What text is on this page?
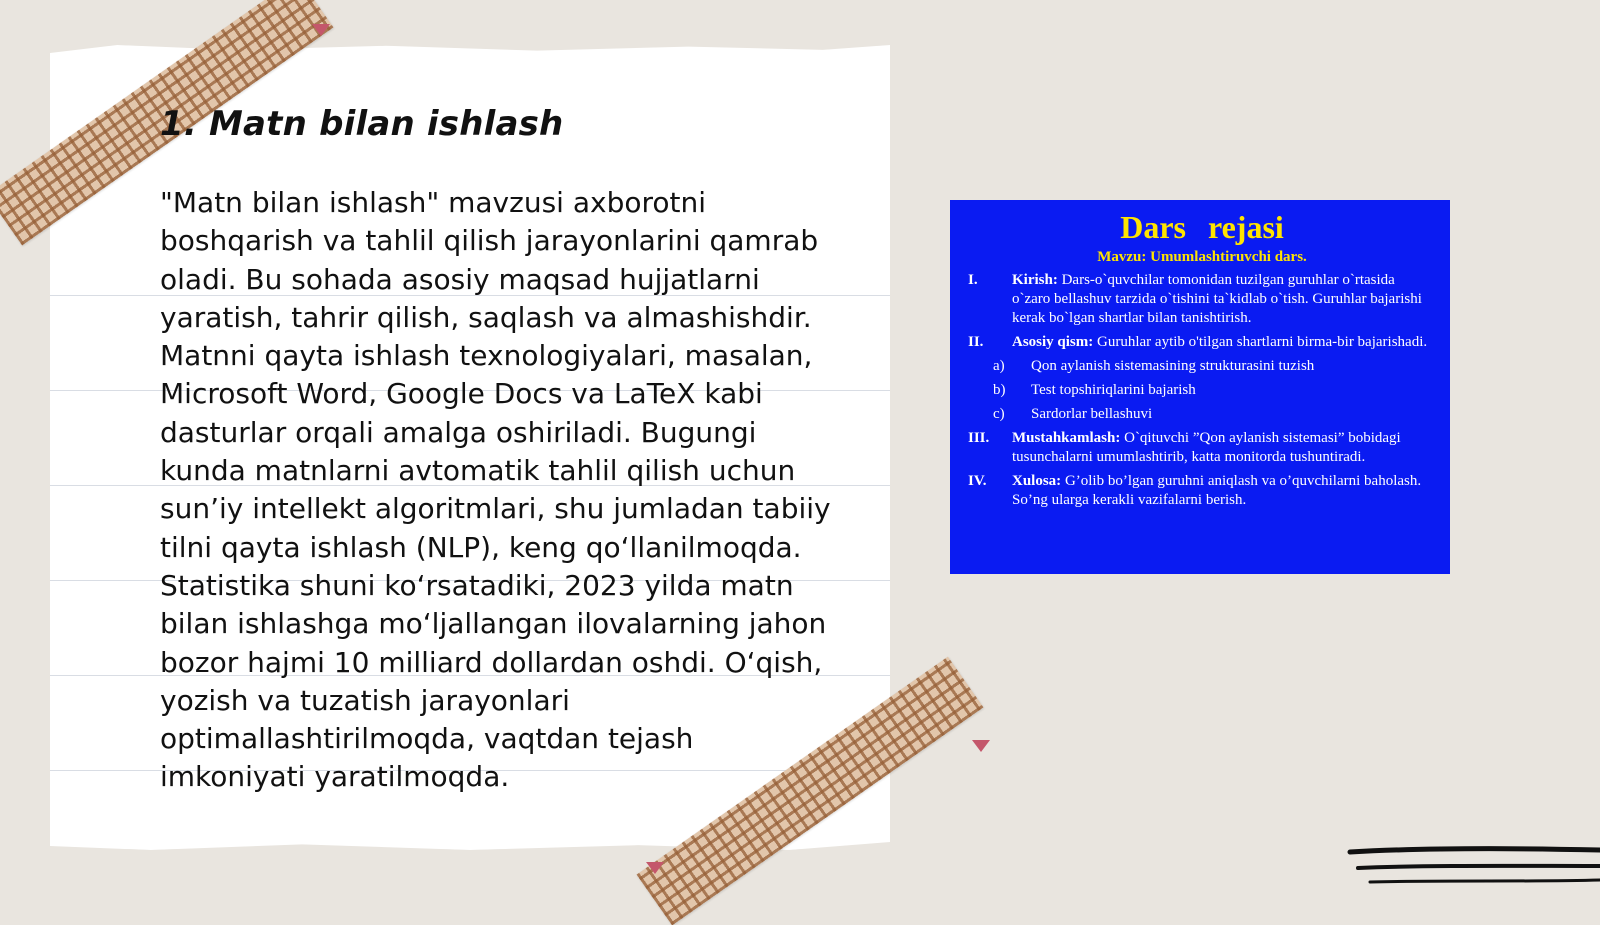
1. Matn bilan ishlash

"Matn bilan ishlash" mavzusi axborotni boshqarish va tahlil qilish jarayonlarini qamrab oladi. Bu sohada asosiy maqsad hujjatlarni yaratish, tahrir qilish, saqlash va almashishdir. Matnni qayta ishlash texnologiyalari, masalan, Microsoft Word, Google Docs va LaTeX kabi dasturlar orqali amalga oshiriladi. Bugungi kunda matnlarni avtomatik tahlil qilish uchun sun’iy intellekt algoritmlari, shu jumladan tabiiy tilni qayta ishlash (NLP), keng qo‘llanilmoqda. Statistika shuni ko‘rsatadiki, 2023 yilda matn bilan ishlashga mo‘ljallangan ilovalarning jahon bozor hajmi 10 milliard dollardan oshdi. O‘qish, yozish va tuzatish jarayonlari optimallashtirilmoqda, vaqtdan tejash imkoniyati yaratilmoqda.

Dars rejasi

Mavzu: Umumlashtiruvchi dars.

I.	Kirish: Dars-o`quvchilar tomonidan tuzilgan guruhlar o`rtasida o`zaro bellashuv tarzida o`tishini ta`kidlab o`tish. Guruhlar bajarishi kerak bo`lgan shartlar bilan tanishtirish.
II.	Asosiy qism: Guruhlar aytib o'tilgan shartlarni birma-bir bajarishadi.
a)	Qon aylanish sistemasining strukturasini tuzish
b)	Test topshiriqlarini bajarish
c)	Sardorlar bellashuvi
III.	Mustahkamlash: O`qituvchi ”Qon aylanish sistemasi” bobidagi tusunchalarni umumlashtirib, katta monitorda tushuntiradi.
IV.	Xulosa: G’olib bo’lgan guruhni aniqlash va o’quvchilarni baholash. So’ng ularga kerakli vazifalarni berish.
